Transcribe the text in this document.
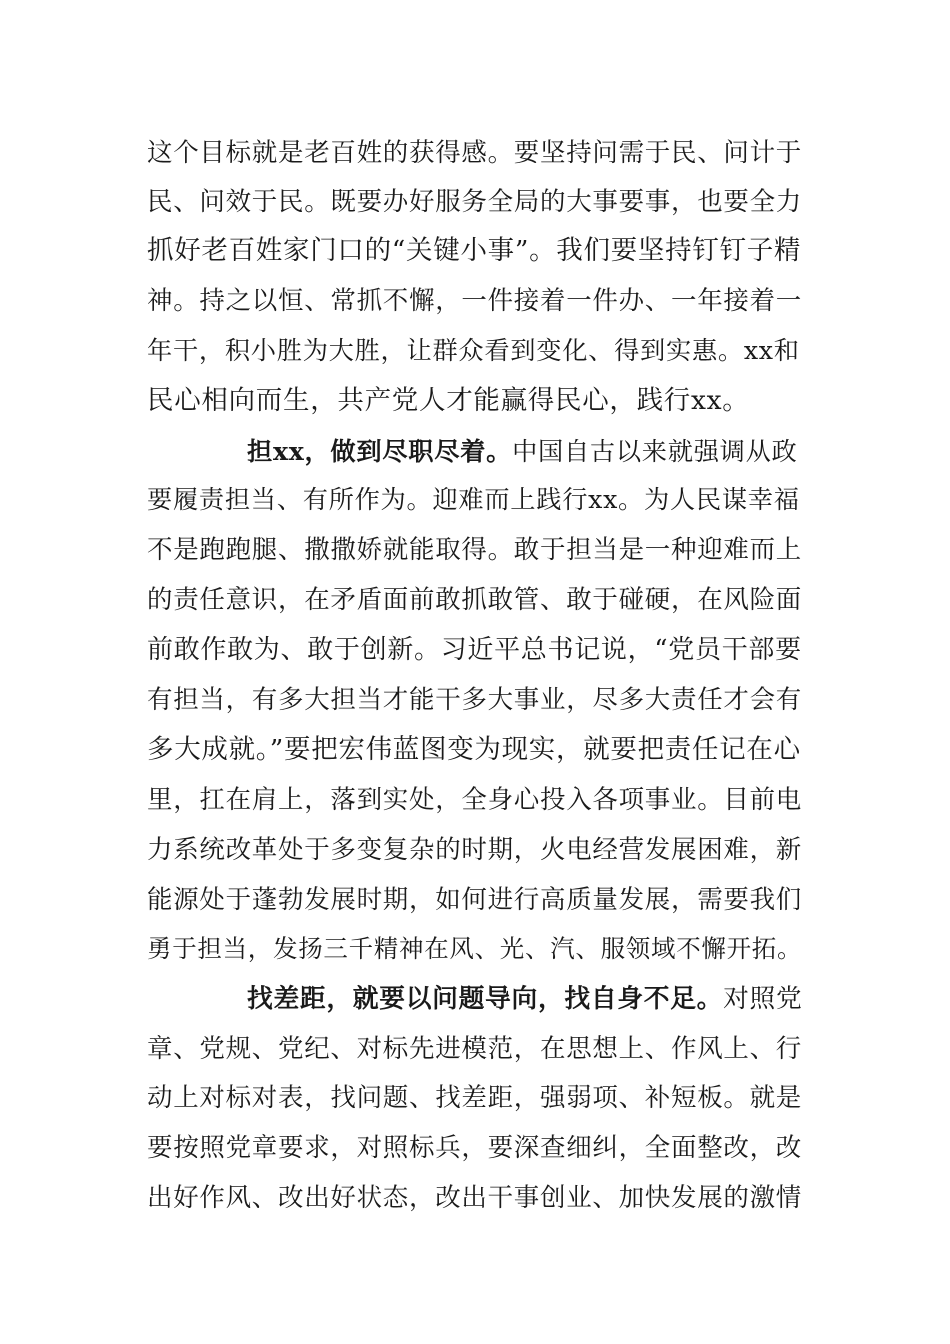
这个目标就是老百姓的获得感。要坚持问需于民、问计于
民、问效于民。既要办好服务全局的大事要事，也要全力
抓好老百姓家门口的“关键小事”。我们要坚持钉钉子精
神。持之以恒、常抓不懈，一件接着一件办、一年接着一
年干，积小胜为大胜，让群众看到变化、得到实惠。xx和
民心相向而生，共产党人才能赢得民心，践行xx。
担xx，做到尽职尽着。中国自古以来就强调从政
要履责担当、有所作为。迎难而上践行xx。为人民谋幸福
不是跑跑腿、撒撒娇就能取得。敢于担当是一种迎难而上
的责任意识，在矛盾面前敢抓敢管、敢于碰硬，在风险面
前敢作敢为、敢于创新。习近平总书记说，“党员干部要
有担当，有多大担当才能干多大事业，尽多大责任才会有
多大成就。”要把宏伟蓝图变为现实，就要把责任记在心
里，扛在肩上，落到实处，全身心投入各项事业。目前电
力系统改革处于多变复杂的时期，火电经营发展困难，新
能源处于蓬勃发展时期，如何进行高质量发展，需要我们
勇于担当，发扬三千精神在风、光、汽、服领域不懈开拓。
找差距，就要以问题导向，找自身不足。对照党
章、党规、党纪、对标先进模范，在思想上、作风上、行
动上对标对表，找问题、找差距，强弱项、补短板。就是
要按照党章要求，对照标兵，要深查细纠，全面整改，改
出好作风、改出好状态，改出干事创业、加快发展的激情
